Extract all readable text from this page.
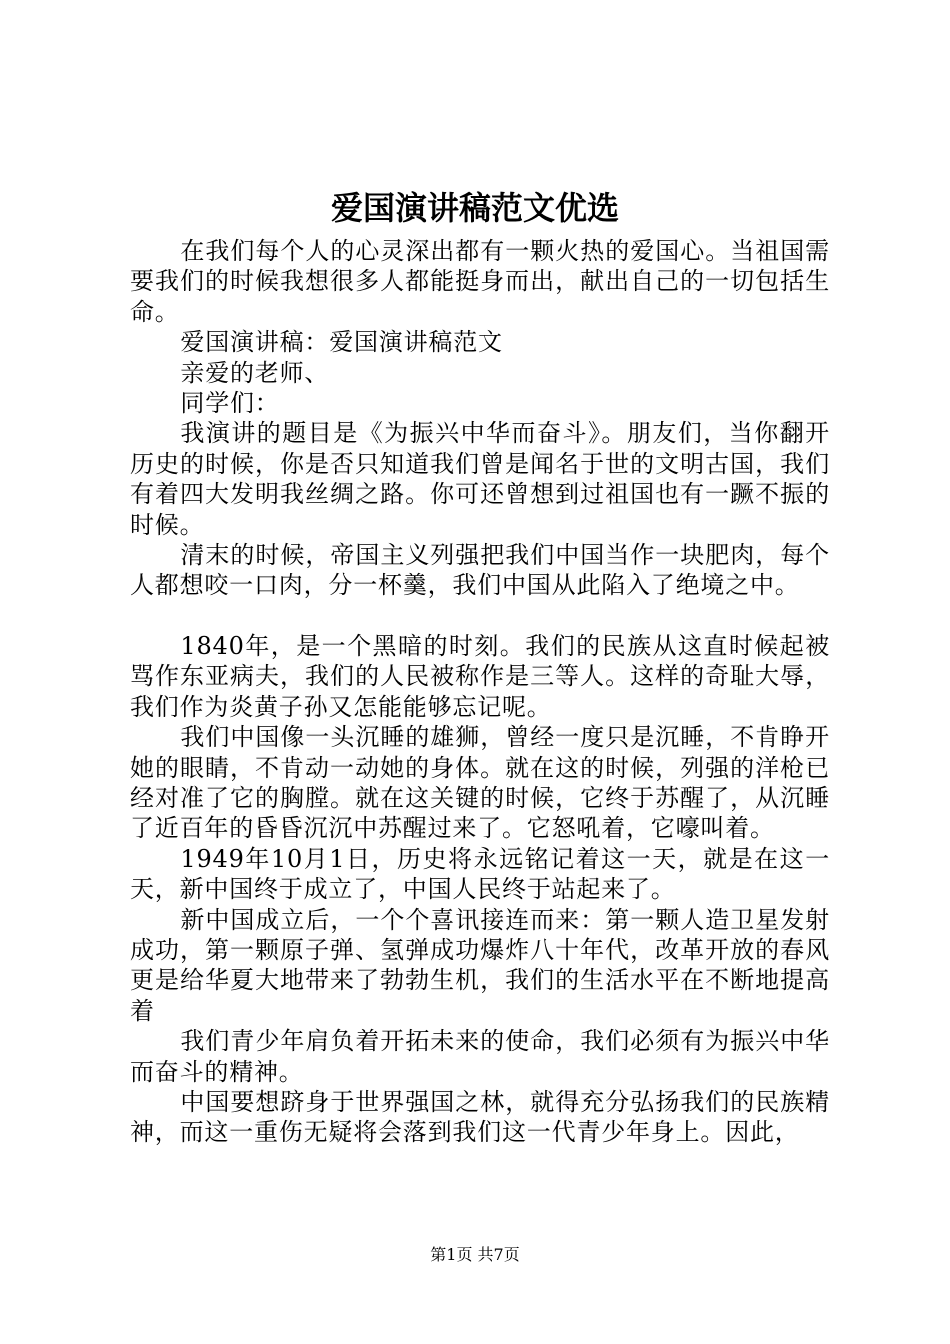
爱国演讲稿范文优选

在我们每个人的心灵深出都有一颗火热的爱国心。当祖国需要我们的时候我想很多人都能挺身而出，献出自己的一切包括生命。

爱国演讲稿：爱国演讲稿范文

亲爱的老师、

同学们：

我演讲的题目是《为振兴中华而奋斗》。朋友们，当你翻开历史的时候，你是否只知道我们曾是闻名于世的文明古国，我们有着四大发明我丝绸之路。你可还曾想到过祖国也有一蹶不振的时候。

清末的时候，帝国主义列强把我们中国当作一块肥肉，每个人都想咬一口肉，分一杯羹，我们中国从此陷入了绝境之中。

1840年，是一个黑暗的时刻。我们的民族从这直时候起被骂作东亚病夫，我们的人民被称作是三等人。这样的奇耻大辱，我们作为炎黄子孙又怎能能够忘记呢。

我们中国像一头沉睡的雄狮，曾经一度只是沉睡，不肯睁开她的眼睛，不肯动一动她的身体。就在这的时候，列强的洋枪已经对准了它的胸膛。就在这关键的时候，它终于苏醒了，从沉睡了近百年的昏昏沉沉中苏醒过来了。它怒吼着，它嚎叫着。

1949年10月1日，历史将永远铭记着这一天，就是在这一天，新中国终于成立了，中国人民终于站起来了。

新中国成立后，一个个喜讯接连而来：第一颗人造卫星发射成功，第一颗原子弹、氢弹成功爆炸八十年代，改革开放的春风更是给华夏大地带来了勃勃生机，我们的生活水平在不断地提高着

我们青少年肩负着开拓未来的使命，我们必须有为振兴中华而奋斗的精神。

中国要想跻身于世界强国之林，就得充分弘扬我们的民族精神，而这一重伤无疑将会落到我们这一代青少年身上。因此，

第1页 共7页
